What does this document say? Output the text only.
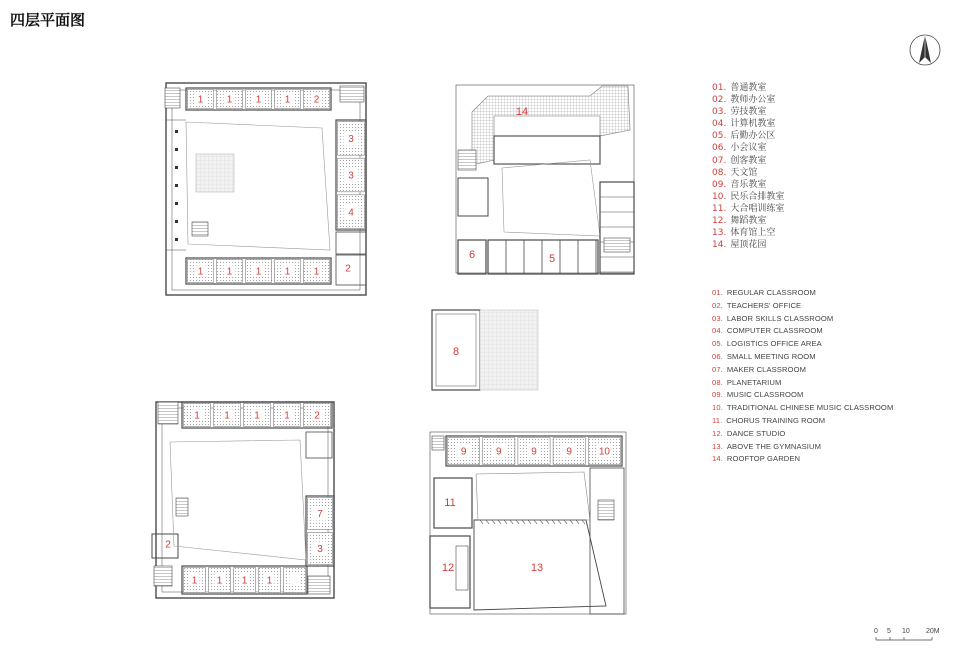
四层平面图
1 1 1 1 2
1 1 1 1 1
3
3
4
2
14
6	5
8
1 1 1 1 2
1 1 1 1
7
3
2
9	9	9	9	10
11
12	13
01. 普通教室
02. 教师办公室
03. 劳技教室
04. 计算机教室
05. 后勤办公区
06. 小会议室
07. 创客教室
08. 天文馆
09. 音乐教室
10. 民乐合排教室
11. 大合唱训练室
12. 舞蹈教室
13. 体育馆上空
14. 屋顶花园
01. REGULAR CLASSROOM
02. TEACHERS' OFFICE
03. LABOR SKILLS CLASSROOM
04. COMPUTER CLASSROOM
05. LOGISTICS OFFICE AREA
06. SMALL MEETING ROOM
07. MAKER CLASSROOM
08. PLANETARIUM
09. MUSIC CLASSROOM
10. TRADITIONAL CHINESE MUSIC CLASSROOM
11. CHORUS TRAINING ROOM
12. DANCE STUDIO
13. ABOVE THE GYMNASIUM
14. ROOFTOP GARDEN
0 5 10 20M
